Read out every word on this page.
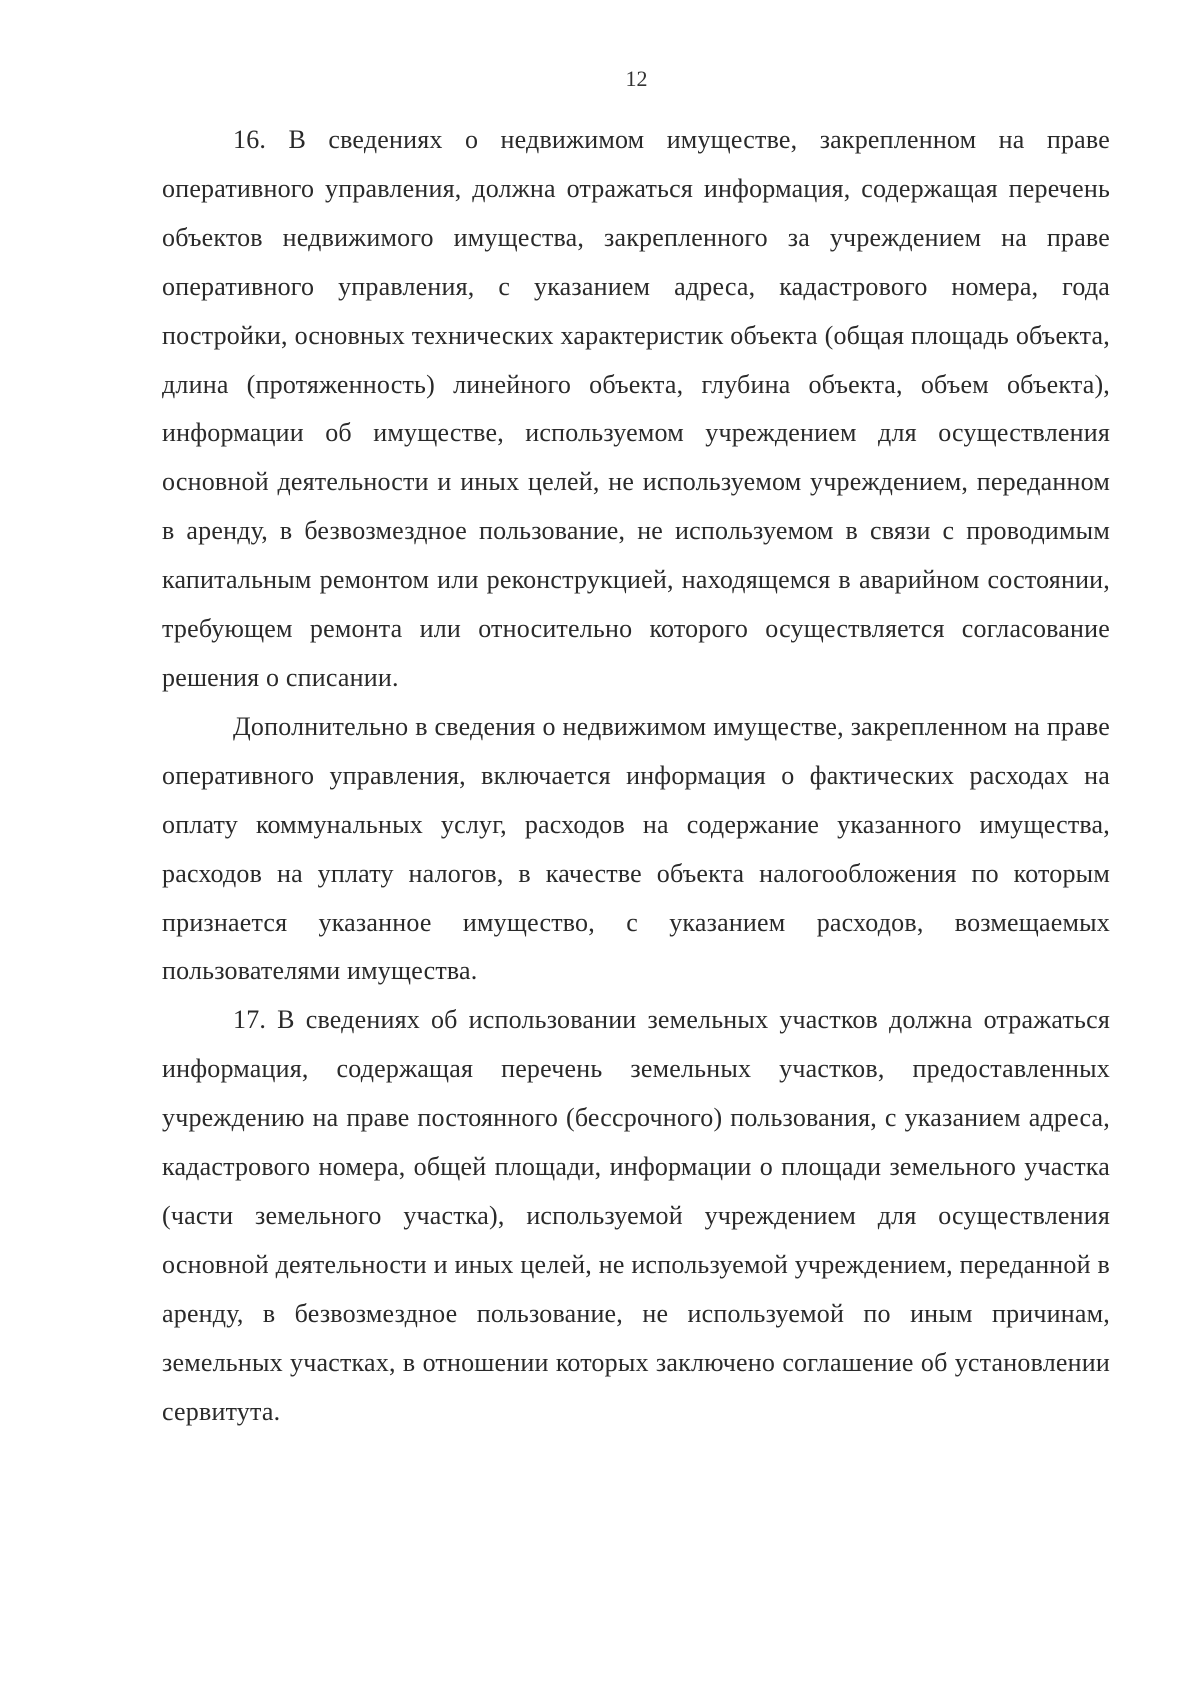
12

16. В сведениях о недвижимом имуществе, закрепленном на праве оперативного управления, должна отражаться информация, содержащая перечень объектов недвижимого имущества, закрепленного за учреждением на праве оперативного управления, с указанием адреса, кадастрового номера, года постройки, основных технических характеристик объекта (общая площадь объекта, длина (протяженность) линейного объекта, глубина объекта, объем объекта), информации об имуществе, используемом учреждением для осуществления основной деятельности и иных целей, не используемом учреждением, переданном в аренду, в безвозмездное пользование, не используемом в связи с проводимым капитальным ремонтом или реконструкцией, находящемся в аварийном состоянии, требующем ремонта или относительно которого осуществляется согласование решения о списании.

Дополнительно в сведения о недвижимом имуществе, закрепленном на праве оперативного управления, включается информация о фактических расходах на оплату коммунальных услуг, расходов на содержание указанного имущества, расходов на уплату налогов, в качестве объекта налогообложения по которым признается указанное имущество, с указанием расходов, возмещаемых пользователями имущества.

17. В сведениях об использовании земельных участков должна отражаться информация, содержащая перечень земельных участков, предоставленных учреждению на праве постоянного (бессрочного) пользования, с указанием адреса, кадастрового номера, общей площади, информации о площади земельного участка (части земельного участка), используемой учреждением для осуществления основной деятельности и иных целей, не используемой учреждением, переданной в аренду, в безвозмездное пользование, не используемой по иным причинам, земельных участках, в отношении которых заключено соглашение об установлении сервитута.
